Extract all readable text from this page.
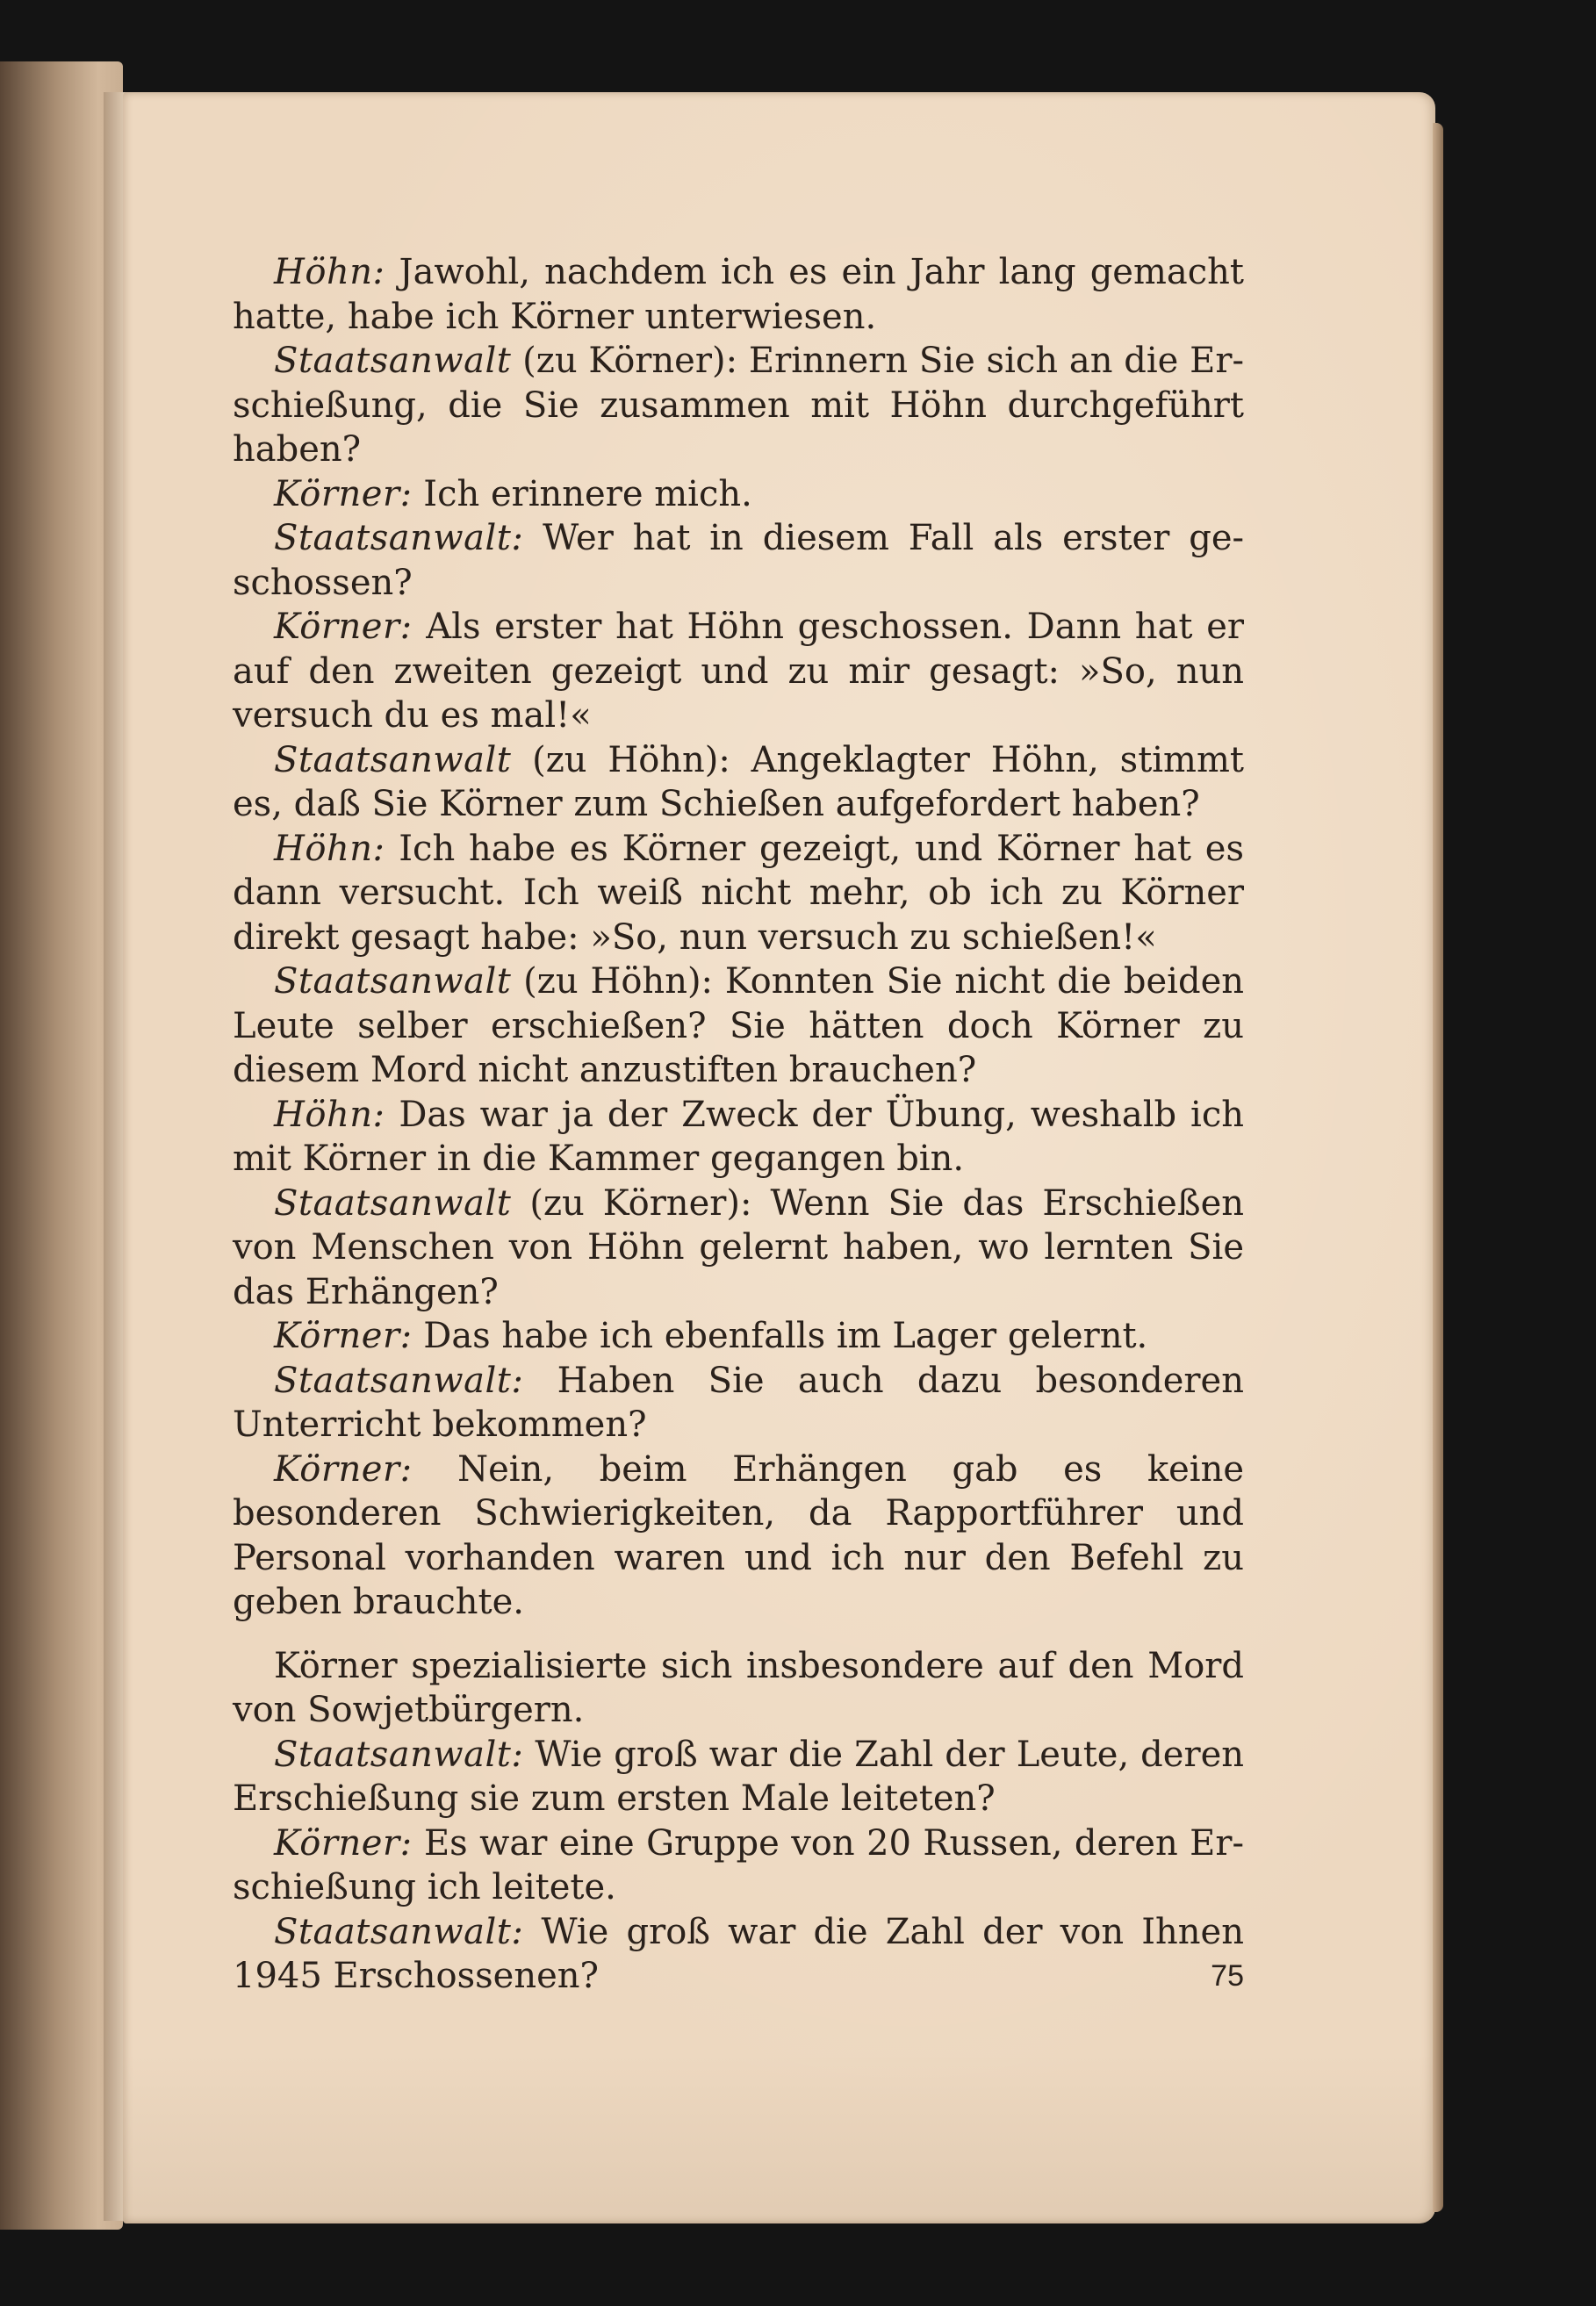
Höhn: Jawohl, nachdem ich es ein Jahr lang gemacht hatte, habe ich Körner unterwiesen.

Staatsanwalt (zu Körner): Erinnern Sie sich an die Erschießung, die Sie zusammen mit Höhn durchgeführt haben?

Körner: Ich erinnere mich.

Staatsanwalt: Wer hat in diesem Fall als erster geschossen?

Körner: Als erster hat Höhn geschossen. Dann hat er auf den zweiten gezeigt und zu mir gesagt: »So, nun versuch du es mal!«

Staatsanwalt (zu Höhn): Angeklagter Höhn, stimmt es, daß Sie Körner zum Schießen aufgefordert haben?

Höhn: Ich habe es Körner gezeigt, und Körner hat es dann versucht. Ich weiß nicht mehr, ob ich zu Körner direkt gesagt habe: »So, nun versuch zu schießen!«

Staatsanwalt (zu Höhn): Konnten Sie nicht die beiden Leute selber erschießen? Sie hätten doch Körner zu diesem Mord nicht anzustiften brauchen?

Höhn: Das war ja der Zweck der Übung, weshalb ich mit Körner in die Kammer gegangen bin.

Staatsanwalt (zu Körner): Wenn Sie das Erschießen von Menschen von Höhn gelernt haben, wo lernten Sie das Erhängen?

Körner: Das habe ich ebenfalls im Lager gelernt.

Staatsanwalt: Haben Sie auch dazu besonderen Unterricht bekommen?

Körner: Nein, beim Erhängen gab es keine besonderen Schwierigkeiten, da Rapportführer und Personal vorhanden waren und ich nur den Befehl zu geben brauchte.

Körner spezialisierte sich insbesondere auf den Mord von Sowjetbürgern.

Staatsanwalt: Wie groß war die Zahl der Leute, deren Erschießung sie zum ersten Male leiteten?

Körner: Es war eine Gruppe von 20 Russen, deren Erschießung ich leitete.

Staatsanwalt: Wie groß war die Zahl der von Ihnen 1945 Erschossenen?	75
